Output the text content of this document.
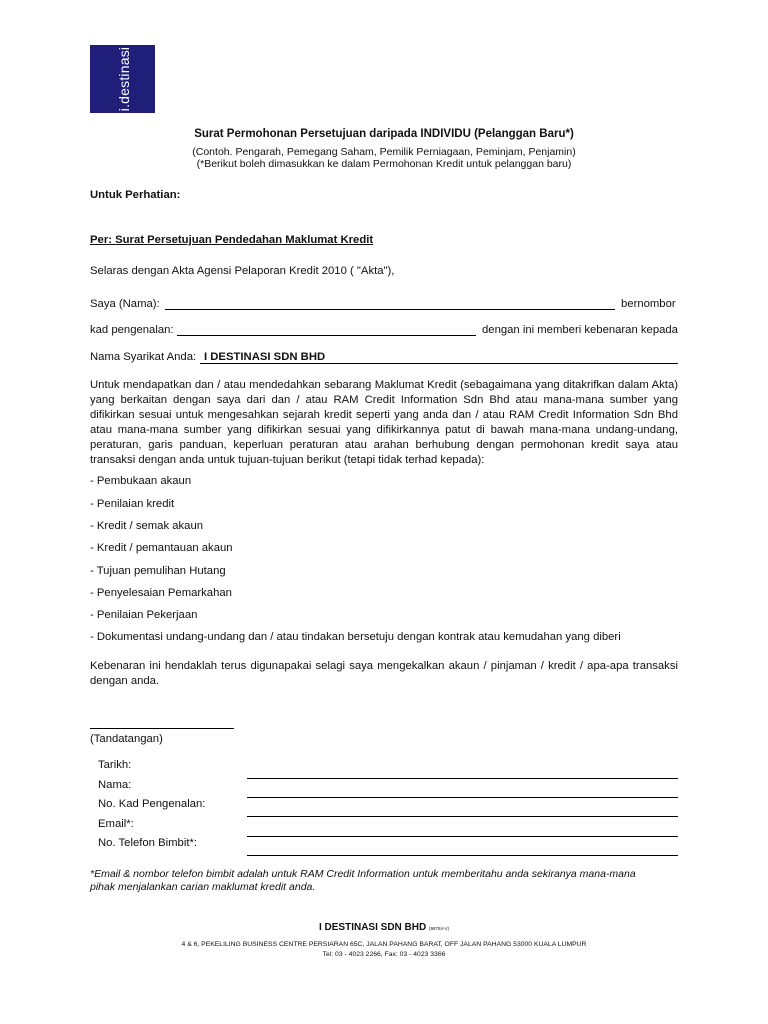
i.destinasi
Surat Permohonan Persetujuan daripada INDIVIDU (Pelanggan Baru*)
(Contoh. Pengarah, Pemegang Saham, Pemilik Perniagaan, Peminjam, Penjamin)
(*Berikut boleh dimasukkan ke dalam Permohonan Kredit untuk pelanggan baru)
Untuk Perhatian:
Per: Surat Persetujuan Pendedahan Maklumat Kredit
Selaras dengan Akta Agensi Pelaporan Kredit 2010 ( "Akta"),
Saya (Nama):	bernombor
kad pengenalan:	dengan ini memberi kebenaran kepada
Nama Syarikat Anda: I DESTINASI SDN BHD
Untuk mendapatkan dan / atau mendedahkan sebarang Maklumat Kredit (sebagaimana yang ditakrifkan dalam Akta) yang berkaitan dengan saya dari dan / atau RAM Credit Information Sdn Bhd atau mana-mana sumber yang difikirkan sesuai untuk mengesahkan sejarah kredit seperti yang anda dan / atau RAM Credit Information Sdn Bhd atau mana-mana sumber yang difikirkan sesuai yang difikirkannya patut di bawah mana-mana undang-undang, peraturan, garis panduan, keperluan peraturan atau arahan berhubung dengan permohonan kredit saya atau transaksi dengan anda untuk tujuan-tujuan berikut (tetapi tidak terhad kepada):
- Pembukaan akaun
- Penilaian kredit
- Kredit / semak akaun
- Kredit / pemantauan akaun
- Tujuan pemulihan Hutang
- Penyelesaian Pemarkahan
- Penilaian Pekerjaan
- Dokumentasi undang-undang dan / atau tindakan bersetuju dengan kontrak atau kemudahan yang diberi
Kebenaran ini hendaklah terus digunapakai selagi saya mengekalkan akaun / pinjaman / kredit / apa-apa transaksi dengan anda.
(Tandatangan)
Tarikh:
Nama:
No. Kad Pengenalan:
Email*:
No. Telefon Bimbit*:
*Email & nombor telefon bimbit adalah untuk RAM Credit Information untuk memberitahu anda sekiranya mana-mana pihak menjalankan carian maklumat kredit anda.
I DESTINASI SDN BHD (98784-V)
4 & 6, PEKELILING BUSINESS CENTRE PERSIARAN 65C, JALAN PAHANG BARAT, OFF JALAN PAHANG 53000 KUALA LUMPUR
Tel: 03 - 4023 2266, Fax: 03 - 4023 3366
